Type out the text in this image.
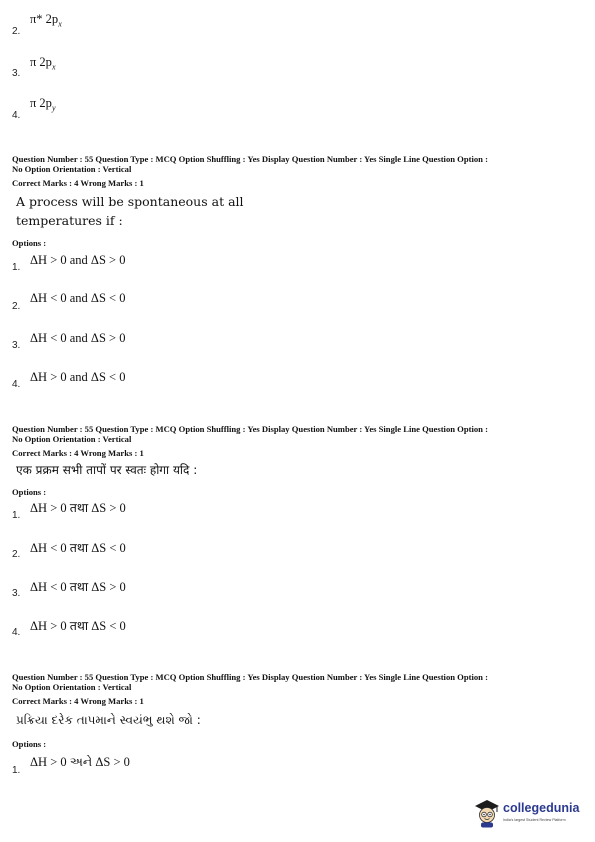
2.
π* $2p_x$
3.
π $2p_x$
4.
π $2p_y$
Question Number : 55 Question Type : MCQ Option Shuffling : Yes Display Question Number : Yes Single Line Question Option :
No Option Orientation : Vertical
Correct Marks : 4 Wrong Marks : 1
A process will be spontaneous at all
temperatures if :
Options :
1.
ΔH > 0 and ΔS > 0
2.
ΔH < 0 and ΔS < 0
3.
ΔH < 0 and ΔS > 0
4.
ΔH > 0 and ΔS < 0
Question Number : 55 Question Type : MCQ Option Shuffling : Yes Display Question Number : Yes Single Line Question Option :
No Option Orientation : Vertical
Correct Marks : 4 Wrong Marks : 1
एक प्रक्रम सभी तापों पर स्वतः होगा यदि :
Options :
1.
ΔH > 0 तथा ΔS > 0
2. ΔH < 0 तथा ΔS < 0
3. ΔH < 0 तथा ΔS > 0
4. ΔH > 0 तथा ΔS < 0
Question Number : 55 Question Type : MCQ Option Shuffling : Yes Display Question Number : Yes Single Line Question Option :
No Option Orientation : Vertical
Correct Marks : 4 Wrong Marks : 1
પ્રક્રિયા દરેક તાપમાને સ્વયંભુ થશે જો :
Options :
1.
ΔH > 0 અને ΔS > 0
collegedunia
India's largest Student Review Platform
